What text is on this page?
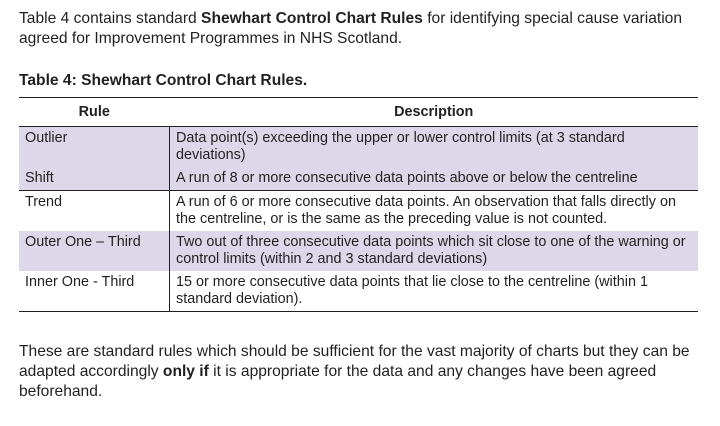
Table 4 contains standard Shewhart Control Chart Rules for identifying special cause variation agreed for Improvement Programmes in NHS Scotland.

Table 4: Shewhart Control Chart Rules.

Rule	Description
Outlier	Data point(s) exceeding the upper or lower control limits (at 3 standard deviations)
Shift	A run of 8 or more consecutive data points above or below the centreline
Trend	A run of 6 or more consecutive data points. An observation that falls directly on the centreline, or is the same as the preceding value is not counted.
Outer One – Third	Two out of three consecutive data points which sit close to one of the warning or control limits (within 2 and 3 standard deviations)
Inner One - Third	15 or more consecutive data points that lie close to the centreline (within 1 standard deviation).

These are standard rules which should be sufficient for the vast majority of charts but they can be adapted accordingly only if it is appropriate for the data and any changes have been agreed beforehand.
